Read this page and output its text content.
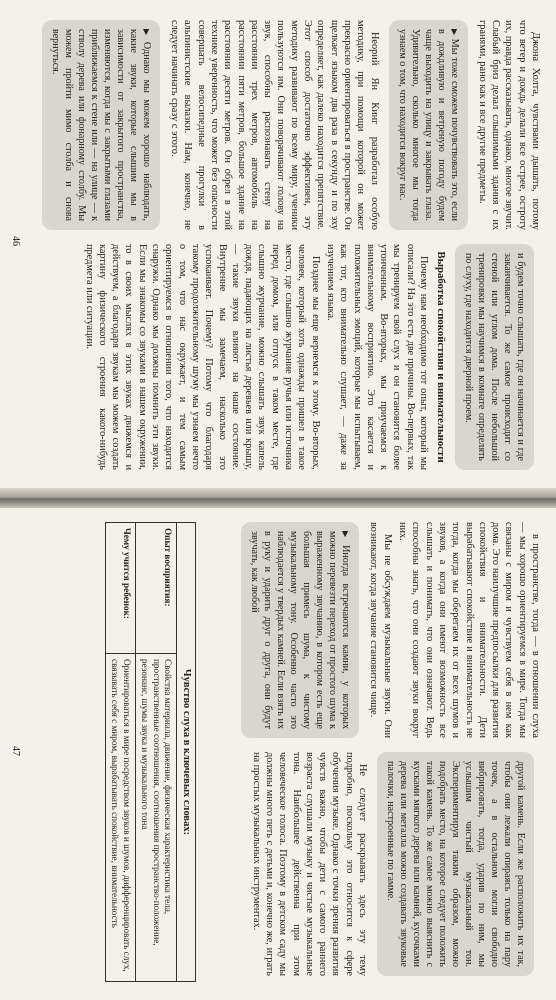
Джона Холта, чувствами дышать, потому что ветер и дождь делали все острее, остроту их, правда рассказывать, однако, многое звучит. Слабый бриз делал слышимыми здания с их гранями, рано как и все другие предметы.

▶Мы тоже сможем почувствовать это, если в дождливую и ветреную погоду будем чаще выходить на улицу и закрывать глаза. Удивительно, сколько многое мы тогда узнаем о том, что находится вокруг нас.

Неорий Ян Кинг разработал особую методику, при помощи которой он может прекрасно ориентироваться в пространстве. Он щелкает языком два раза в секунду и по эху определяет, как далеко находится препятствие. Этот способ достаточно эффективен, эту методику развивают по всему миру, ученики пользуются им. Они поворачивают голову на звук, способны распознавать стену на расстоянии трех метров, автомобиль на расстоянии пяти метров, большое здание на расстоянии десяти метров. Он обрел в этой технике уверенность, что может без опасности совершать велосипедные прогулки в альпинистские вылазки. Нам, конечно, не следует начинать сразу с этого.

▶Однако мы можем хорошо наблюдать, какие звуки, которые слышим мы в зависимости от закрытого пространства, изменяются, когда мы с закрытыми глазами приближаемся к стене или — на улице — к стволу дерева или фонарному столбу. Мы можем пройти мимо столба и снова вернуться.

и будем точно слышать, где он начинается и где заканчивается. То же самое происходит со стеной или углом дома. После небольшой тренировки мы научимся в комнате определять по слуху, где находится дверной проем.

Выработка спокойствия и внимательности

Почему нам необходимо тот опыт, который мы описали? На это есть две причины. Во-первых, так мы тренируем свой слух и он становится более утонченным. Во-вторых, мы приучаемся к внимательному восприятию. Это касается и положительных эмоций, которые мы испытываем, как тот, кто внимательно слушает, — даже за изучением языка.

Позднее мы еще вернемся к этому. Во-вторых, человек, который хоть однажды пришел в такое место, где слышно журчание ручья или источника перед домом, или отпуск в таком месте, где слышно журчание, можно слышать звук капель дождя, падающих на листья деревьев или крышу, — такие звуки влияют на наше состояние. Внутренне мы замечаем, насколько это успокаивает. Почему? Потому что благодаря такому продолжительному шуму мы узнаем нечто о том, что нас окружает, и тем самым ориентируемся в отношении того, что находится снаружи. Однако мы должны помнить эти звуки. Если мы знакомы со звуками в нашем окружении, то в своих мыслях в этих звуках движемся и действуем, а благодаря звукам мы можем создать картину физического строения какого-нибудь предмета или ситуации.

46

в пространстве, тогда — в отношении слуха — мы хорошо ориентируемся в мире. Тогда мы связаны с миром и чувствуем себя в нем как дома. Это наилучшие предпосылки для развития спокойствия и внимательности. Дети вырабатывают спокойствие и внимательность не тогда, когда мы оберегаем их от всех шумов и звуков, а когда они имеют возможность все слышать и понимать, что они означают. Ведь способны знать, что они создают звуки вокруг них.

Мы не обсуждаем музыкальные звуки. Они возникают, когда звучание становится чище.

▶Иногда встречаются камни, у которых можно перевезти переход от простого шума к выраженному звучанию, в котором есть еще большая примесь шума, к чистому музыкальному тону. Особенно часто это наблюдается у твердых камней. Если взять их в руку и ударить друг о друга, они будут звучать, как любой

другой камень. Если же расположить их так, чтобы они лежали опираясь только на пару точек, а в остальном могли свободно вибрировать, тогда, ударив по ним, мы услышим чистый музыкальный тон. Экспериментируя таким образом, можно подобрать место, на которое следует положить такой камень. То же самое можно выяснить с кусками мягкого дерева или камней, кусочками дерева или металла можно создавать звуковые палочки, настроенные по гамме.

Не следует раскрывать здесь эту тему подробно, поскольку это относится к сфере обучения музыке. Однако с точки зрения развития чувств важно, чтобы дети с самого раннего возраста слушали музыку и чистые музыкальные тона. Наибольшее действенна при этом человеческое голоса. Поэтому в детском саду мы должны много петь с детьми и, конечно же, играть на простых музыкальных инструментах.

Чувство слуха в ключевых словах:
Опыт восприятия:
Свойства материала, движение, физическая характеристика тела, пространственные соотношения, соотношения пространство-положение, резонанс, шумы звука и музыкального тона
Чему учится ребенок:
Ориентироваться в мире посредством звуков и шумов, дифференцировать слух, связывать себя с миром, вырабатывать спокойствие, внимательность
47
